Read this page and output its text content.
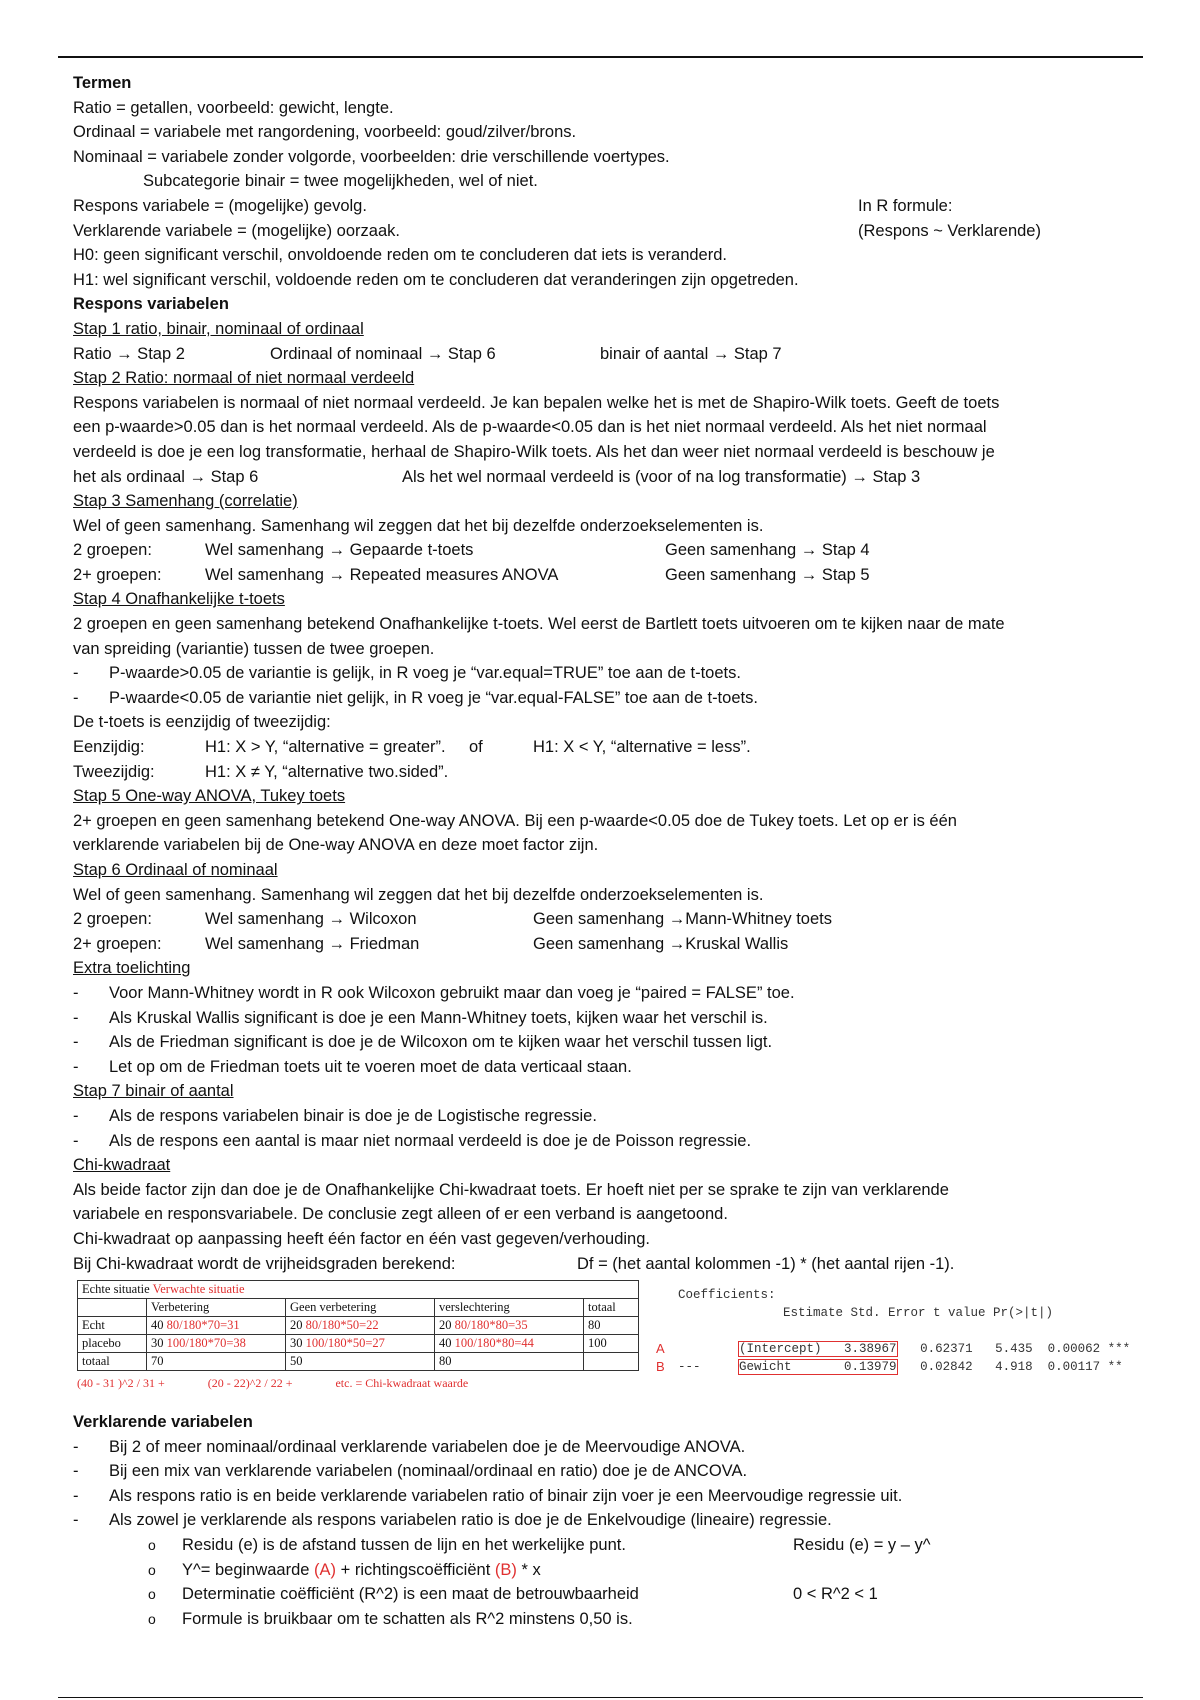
Termen
Ratio = getallen, voorbeeld: gewicht, lengte.
Ordinaal = variabele met rangordening, voorbeeld: goud/zilver/brons.
Nominaal = variabele zonder volgorde, voorbeelden: drie verschillende voertypes.
Subcategorie binair = twee mogelijkheden, wel of niet.
Respons variabele = (mogelijke) gevolg.	In R formule:
Verklarende variabele = (mogelijke) oorzaak.	(Respons ~ Verklarende)
H0: geen significant verschil, onvoldoende reden om te concluderen dat iets is veranderd.
H1: wel significant verschil, voldoende reden om te concluderen dat veranderingen zijn opgetreden.
Respons variabelen
Stap 1 ratio, binair, nominaal of ordinaal
Ratio → Stap 2	Ordinaal of nominaal → Stap 6	binair of aantal → Stap 7
Stap 2 Ratio: normaal of niet normaal verdeeld
Respons variabelen is normaal of niet normaal verdeeld. Je kan bepalen welke het is met de Shapiro-Wilk toets. Geeft de toets
een p-waarde>0.05 dan is het normaal verdeeld. Als de p-waarde<0.05 dan is het niet normaal verdeeld. Als het niet normaal
verdeeld is doe je een log transformatie, herhaal de Shapiro-Wilk toets. Als het dan weer niet normaal verdeeld is beschouw je
het als ordinaal → Stap 6	Als het wel normaal verdeeld is (voor of na log transformatie) → Stap 3
Stap 3 Samenhang (correlatie)
Wel of geen samenhang. Samenhang wil zeggen dat het bij dezelfde onderzoekselementen is.
2 groepen:	Wel samenhang → Gepaarde t-toets	Geen samenhang → Stap 4
2+ groepen:	Wel samenhang → Repeated measures ANOVA	Geen samenhang → Stap 5
Stap 4 Onafhankelijke t-toets
2 groepen en geen samenhang betekend Onafhankelijke t-toets. Wel eerst de Bartlett toets uitvoeren om te kijken naar de mate
van spreiding (variantie) tussen de twee groepen.
- P-waarde>0.05 de variantie is gelijk, in R voeg je “var.equal=TRUE” toe aan de t-toets.
- P-waarde<0.05 de variantie niet gelijk, in R voeg je “var.equal-FALSE” toe aan de t-toets.
De t-toets is eenzijdig of tweezijdig:
Eenzijdig:	H1: X > Y, “alternative = greater”. of	H1: X < Y, “alternative = less”.
Tweezijdig:	H1: X ≠ Y, “alternative two.sided”.
Stap 5 One-way ANOVA, Tukey toets
2+ groepen en geen samenhang betekend One-way ANOVA. Bij een p-waarde<0.05 doe de Tukey toets. Let op er is één
verklarende variabelen bij de One-way ANOVA en deze moet factor zijn.
Stap 6 Ordinaal of nominaal
Wel of geen samenhang. Samenhang wil zeggen dat het bij dezelfde onderzoekselementen is.
2 groepen:	Wel samenhang → Wilcoxon	Geen samenhang →Mann-Whitney toets
2+ groepen:	Wel samenhang → Friedman	Geen samenhang →Kruskal Wallis
Extra toelichting
- Voor Mann-Whitney wordt in R ook Wilcoxon gebruikt maar dan voeg je “paired = FALSE” toe.
- Als Kruskal Wallis significant is doe je een Mann-Whitney toets, kijken waar het verschil is.
- Als de Friedman significant is doe je de Wilcoxon om te kijken waar het verschil tussen ligt.
- Let op om de Friedman toets uit te voeren moet de data verticaal staan.
Stap 7 binair of aantal
- Als de respons variabelen binair is doe je de Logistische regressie.
- Als de respons een aantal is maar niet normaal verdeeld is doe je de Poisson regressie.
Chi-kwadraat
Als beide factor zijn dan doe je de Onafhankelijke Chi-kwadraat toets. Er hoeft niet per se sprake te zijn van verklarende
variabele en responsvariabele. De conclusie zegt alleen of er een verband is aangetoond.
Chi-kwadraat op aanpassing heeft één factor en één vast gegeven/verhouding.
Bij Chi-kwadraat wordt de vrijheidsgraden berekend:	Df = (het aantal kolommen -1) * (het aantal rijen -1).
Echte situatie Verwachte situatie				
	Verbetering	Geen verbetering	verslechtering	totaal
Echt	40 80/180*70=31	20 80/180*50=22	20 80/180*80=35	80
placebo	30 100/180*70=38	30 100/180*50=27	40 100/180*80=44	100
totaal	70	50	80	
(40 - 31 )^2 / 31 +	(20 - 22)^2 / 22 +	etc. = Chi-kwadraat waarde
Coefficients:
Estimate Std. Error t value Pr(>|t|)

A	(Intercept) 3.38967   0.62371   5.435  0.00062 ***

B	Gewicht       0.13979   0.02842   4.918  0.00117 **

---
Verklarende variabelen
- Bij 2 of meer nominaal/ordinaal verklarende variabelen doe je de Meervoudige ANOVA.
- Bij een mix van verklarende variabelen (nominaal/ordinaal en ratio) doe je de ANCOVA.
- Als respons ratio is en beide verklarende variabelen ratio of binair zijn voer je een Meervoudige regressie uit.
- Als zowel je verklarende als respons variabelen ratio is doe je de Enkelvoudige (lineaire) regressie.
o Residu (e) is de afstand tussen de lijn en het werkelijke punt.	Residu (e) = y – y^
o Y^= beginwaarde (A) + richtingscoëfficiënt (B) * x
o Determinatie coëfficiënt (R^2) is een maat de betrouwbaarheid	0 < R^2 < 1
o Formule is bruikbaar om te schatten als R^2 minstens 0,50 is.
